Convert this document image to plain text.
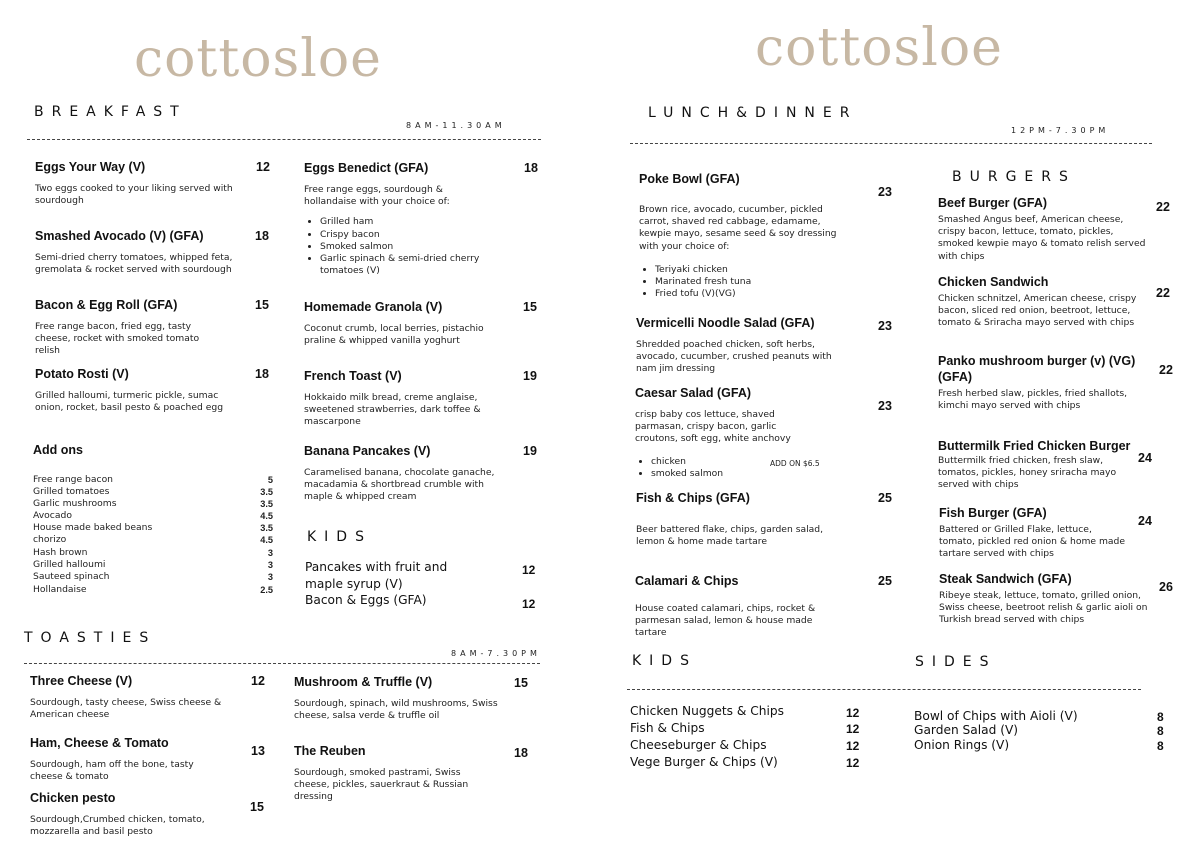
cottosloe
BREAKFAST
8AM-11.30AM
Eggs Your Way (V)	12
Two eggs cooked to your liking served with sourdough
Smashed Avocado (V) (GFA)	18
Semi-dried cherry tomatoes, whipped feta, gremolata & rocket served with sourdough
Bacon & Egg Roll (GFA)	15
Free range bacon, fried egg, tasty cheese, rocket with smoked tomato relish
Potato Rosti (V)	18
Grilled halloumi, turmeric pickle, sumac onion, rocket, basil pesto & poached egg
Add ons
Free range bacon	5
Grilled tomatoes	3.5
Garlic mushrooms	3.5
Avocado	4.5
House made baked beans	3.5
chorizo	4.5
Hash brown	3
Grilled halloumi	3
Sauteed spinach	3
Hollandaise	2.5
Eggs Benedict (GFA)	18
Free range eggs, sourdough & hollandaise with your choice of:
• Grilled ham
• Crispy bacon
• Smoked salmon
• Garlic spinach & semi-dried cherry tomatoes (V)
Homemade Granola (V)	15
Coconut crumb, local berries, pistachio praline & whipped vanilla yoghurt
French Toast (V)	19
Hokkaido milk bread, creme anglaise, sweetened strawberries, dark toffee & mascarpone
Banana Pancakes (V)	19
Caramelised banana, chocolate ganache, macadamia & shortbread crumble with maple & whipped cream
KIDS
Pancakes with fruit and maple syrup (V)
12
Bacon & Eggs (GFA)	12
TOASTIES
8AM-7.30PM
Three Cheese (V)	12
Sourdough, tasty cheese, Swiss cheese & American cheese
Ham, Cheese & Tomato
13
Sourdough, ham off the bone, tasty cheese & tomato
Chicken pesto
15
Sourdough,Crumbed chicken, tomato, mozzarella and basil pesto
Mushroom & Truffle (V)	15
Sourdough, spinach, wild mushrooms, Swiss cheese, salsa verde & truffle oil
The Reuben	18
Sourdough, smoked pastrami, Swiss cheese, pickles, sauerkraut & Russian dressing
cottosloe
LUNCH&DINNER
12PM-7.30PM
Poke Bowl (GFA)
23
Brown rice, avocado, cucumber, pickled carrot, shaved red cabbage, edamame, kewpie mayo, sesame seed & soy dressing with your choice of:
• Teriyaki chicken
• Marinated fresh tuna
• Fried tofu (V)(VG)
Vermicelli Noodle Salad (GFA)	23
Shredded poached chicken, soft herbs, avocado, cucumber, crushed peanuts with nam jim dressing
Caesar Salad (GFA)
23
crisp baby cos lettuce, shaved parmasan, crispy bacon, garlic croutons, soft egg, white anchovy
• chicken
• smoked salmon
ADD ON $6.5
Fish & Chips (GFA)	25
Beer battered flake, chips, garden salad, lemon & home made tartare
Calamari & Chips	25
House coated calamari, chips, rocket & parmesan salad, lemon & house made tartare
BURGERS
Beef Burger (GFA)	22
Smashed Angus beef, American cheese, crispy bacon, lettuce, tomato, pickles, smoked kewpie mayo & tomato relish served with chips
Chicken Sandwich
22
Chicken schnitzel, American cheese, crispy bacon, sliced red onion, beetroot, lettuce, tomato & Sriracha mayo served with chips
Panko mushroom burger (v) (VG) (GFA)	22
Fresh herbed slaw, pickles, fried shallots, kimchi mayo served with chips
Buttermilk Fried Chicken Burger
24
Buttermilk fried chicken, fresh slaw, tomatos, pickles, honey sriracha mayo served with chips
Fish Burger (GFA)
24
Battered or Grilled Flake, lettuce, tomato, pickled red onion & home made tartare served with chips
Steak Sandwich (GFA)
26
Ribeye steak, lettuce, tomato, grilled onion, Swiss cheese, beetroot relish & garlic aioli on Turkish bread served with chips
KIDS	SIDES
Chicken Nuggets & Chips	12
Fish & Chips	12
Cheeseburger & Chips	12
Vege Burger & Chips (V)	12
Bowl of Chips with Aioli (V)	8
Garden Salad (V)	8
Onion Rings (V)	8
